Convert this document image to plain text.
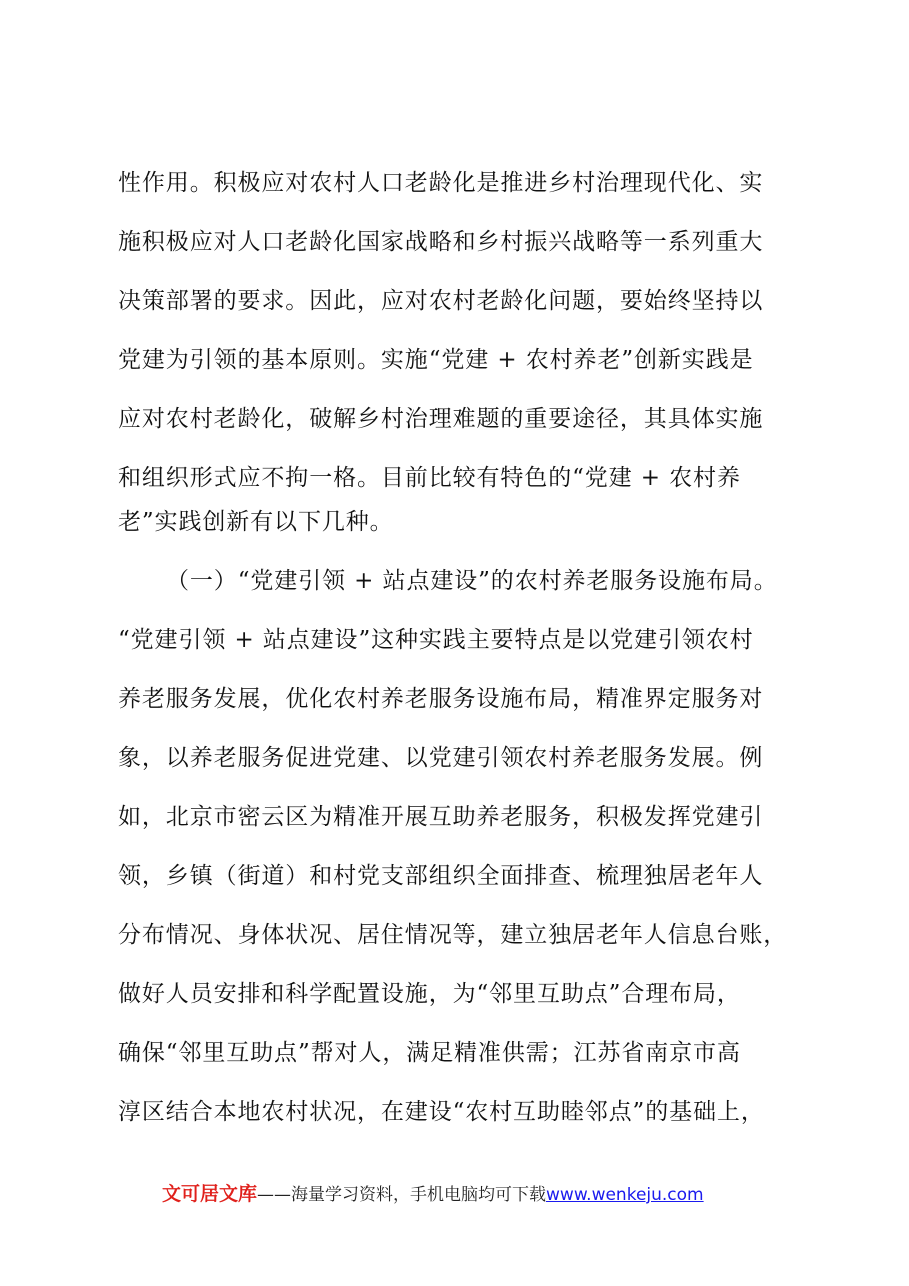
性作用。积极应对农村人口老龄化是推进乡村治理现代化、实
施积极应对人口老龄化国家战略和乡村振兴战略等一系列重大
决策部署的要求。因此，应对农村老龄化问题，要始终坚持以
党建为引领的基本原则。实施“党建 + 农村养老”创新实践是
应对农村老龄化，破解乡村治理难题的重要途径，其具体实施
和组织形式应不拘一格。目前比较有特色的“党建 + 农村养
老”实践创新有以下几种。
（一）“党建引领 + 站点建设”的农村养老服务设施布局。
“党建引领 + 站点建设”这种实践主要特点是以党建引领农村
养老服务发展，优化农村养老服务设施布局，精准界定服务对
象，以养老服务促进党建、以党建引领农村养老服务发展。例
如，北京市密云区为精准开展互助养老服务，积极发挥党建引
领，乡镇（街道）和村党支部组织全面排查、梳理独居老年人
分布情况、身体状况、居住情况等，建立独居老年人信息台账，
做好人员安排和科学配置设施，为“邻里互助点”合理布局，
确保“邻里互助点”帮对人，满足精准供需；江苏省南京市高
淳区结合本地农村状况，在建设“农村互助睦邻点”的基础上，
文可居文库——海量学习资料，手机电脑均可下载www.wenkeju.com
